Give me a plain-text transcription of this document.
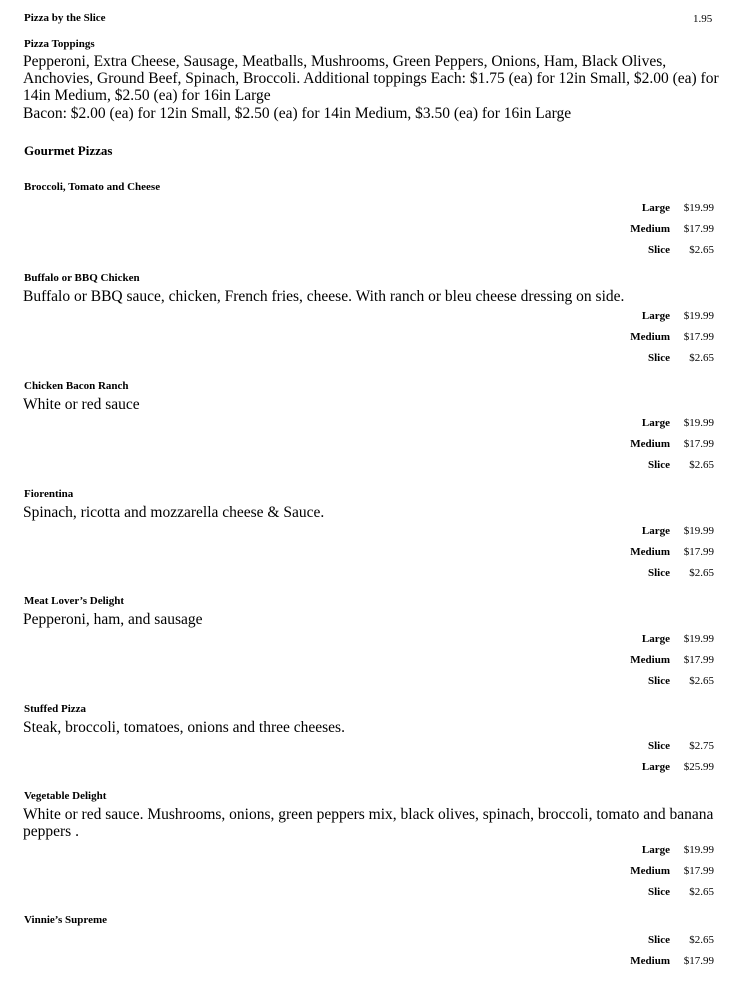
Pizza by the Slice	1.95
Pizza Toppings
Pepperoni, Extra Cheese, Sausage, Meatballs, Mushrooms, Green Peppers, Onions, Ham, Black Olives, Anchovies, Ground Beef, Spinach, Broccoli. Additional toppings Each: $1.75 (ea) for 12in Small, $2.00 (ea) for 14in Medium, $2.50 (ea) for 16in Large
Bacon: $2.00 (ea) for 12in Small, $2.50 (ea) for 14in Medium, $3.50 (ea) for 16in Large
Gourmet Pizzas
Broccoli, Tomato and Cheese
Large	$19.99
Medium	$17.99
Slice	$2.65
Buffalo or BBQ Chicken
Buffalo or BBQ sauce, chicken, French fries, cheese. With ranch or bleu cheese dressing on side.
Large	$19.99
Medium	$17.99
Slice	$2.65
Chicken Bacon Ranch
White or red sauce
Large	$19.99
Medium	$17.99
Slice	$2.65
Fiorentina
Spinach, ricotta and mozzarella cheese & Sauce.
Large	$19.99
Medium	$17.99
Slice	$2.65
Meat Lover’s Delight
Pepperoni, ham, and sausage
Large	$19.99
Medium	$17.99
Slice	$2.65
Stuffed Pizza
Steak, broccoli, tomatoes, onions and three cheeses.
Slice	$2.75
Large	$25.99
Vegetable Delight
White or red sauce. Mushrooms, onions, green peppers mix, black olives, spinach, broccoli, tomato and banana peppers .
Large	$19.99
Medium	$17.99
Slice	$2.65
Vinnie’s Supreme
Slice	$2.65
Medium	$17.99
